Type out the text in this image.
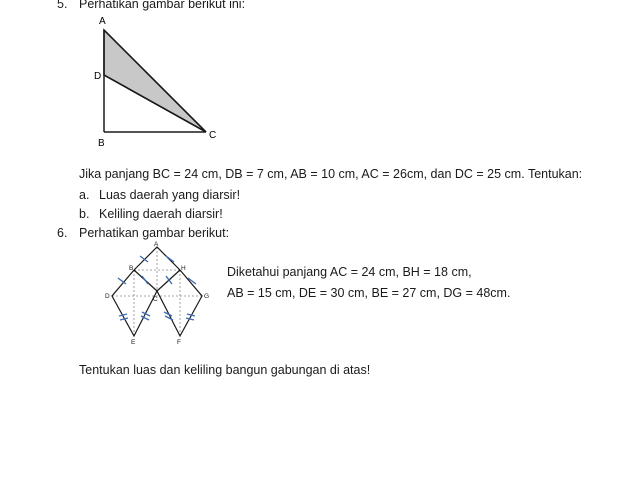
5. Perhatikan gambar berikut ini:
A
D
B
C
Jika panjang BC = 24 cm, DB = 7 cm, AB = 10 cm, AC = 26cm, dan DC = 25 cm. Tentukan:
a. Luas daerah yang diarsir!
b. Keliling daerah diarsir!
6. Perhatikan gambar berikut:
A
B
C
D
E	F
G
H	Diketahui panjang AC = 24 cm, BH = 18 cm,
AB = 15 cm, DE = 30 cm, BE = 27 cm, DG = 48cm.
Tentukan luas dan keliling bangun gabungan di atas!
